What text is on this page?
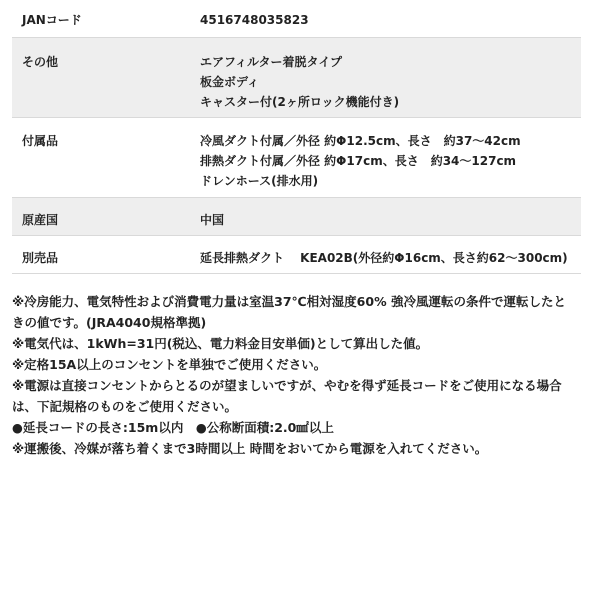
JANコード	4516748035823
その他	エアフィルター着脱タイプ
板金ボディ
キャスター付(2ヶ所ロック機能付き)
付属品	冷風ダクト付属／外径 約Φ12.5cm、長さ　約37～42cm
排熱ダクト付属／外径 約Φ17cm、長さ　約34～127cm
ドレンホース(排水用)
原産国	中国
別売品	延長排熱ダクト　 KEA02B(外径約Φ16cm、長さ約62～300cm)
※冷房能力、電気特性および消費電力量は室温37℃相対湿度60% 強冷風運転の条件で運転したと
きの値です。(JRA4040規格準拠)
※電気代は、1kWh=31円(税込、電力料金目安単価)として算出した値。
※定格15A以上のコンセントを単独でご使用ください。
※電源は直接コンセントからとるのが望ましいですが、やむを得ず延長コードをご使用になる場合
は、下記規格のものをご使用ください。
●延長コードの長さ:15m以内　●公称断面積:2.0㎟以上
※運搬後、冷媒が落ち着くまで3時間以上 時間をおいてから電源を入れてください。
